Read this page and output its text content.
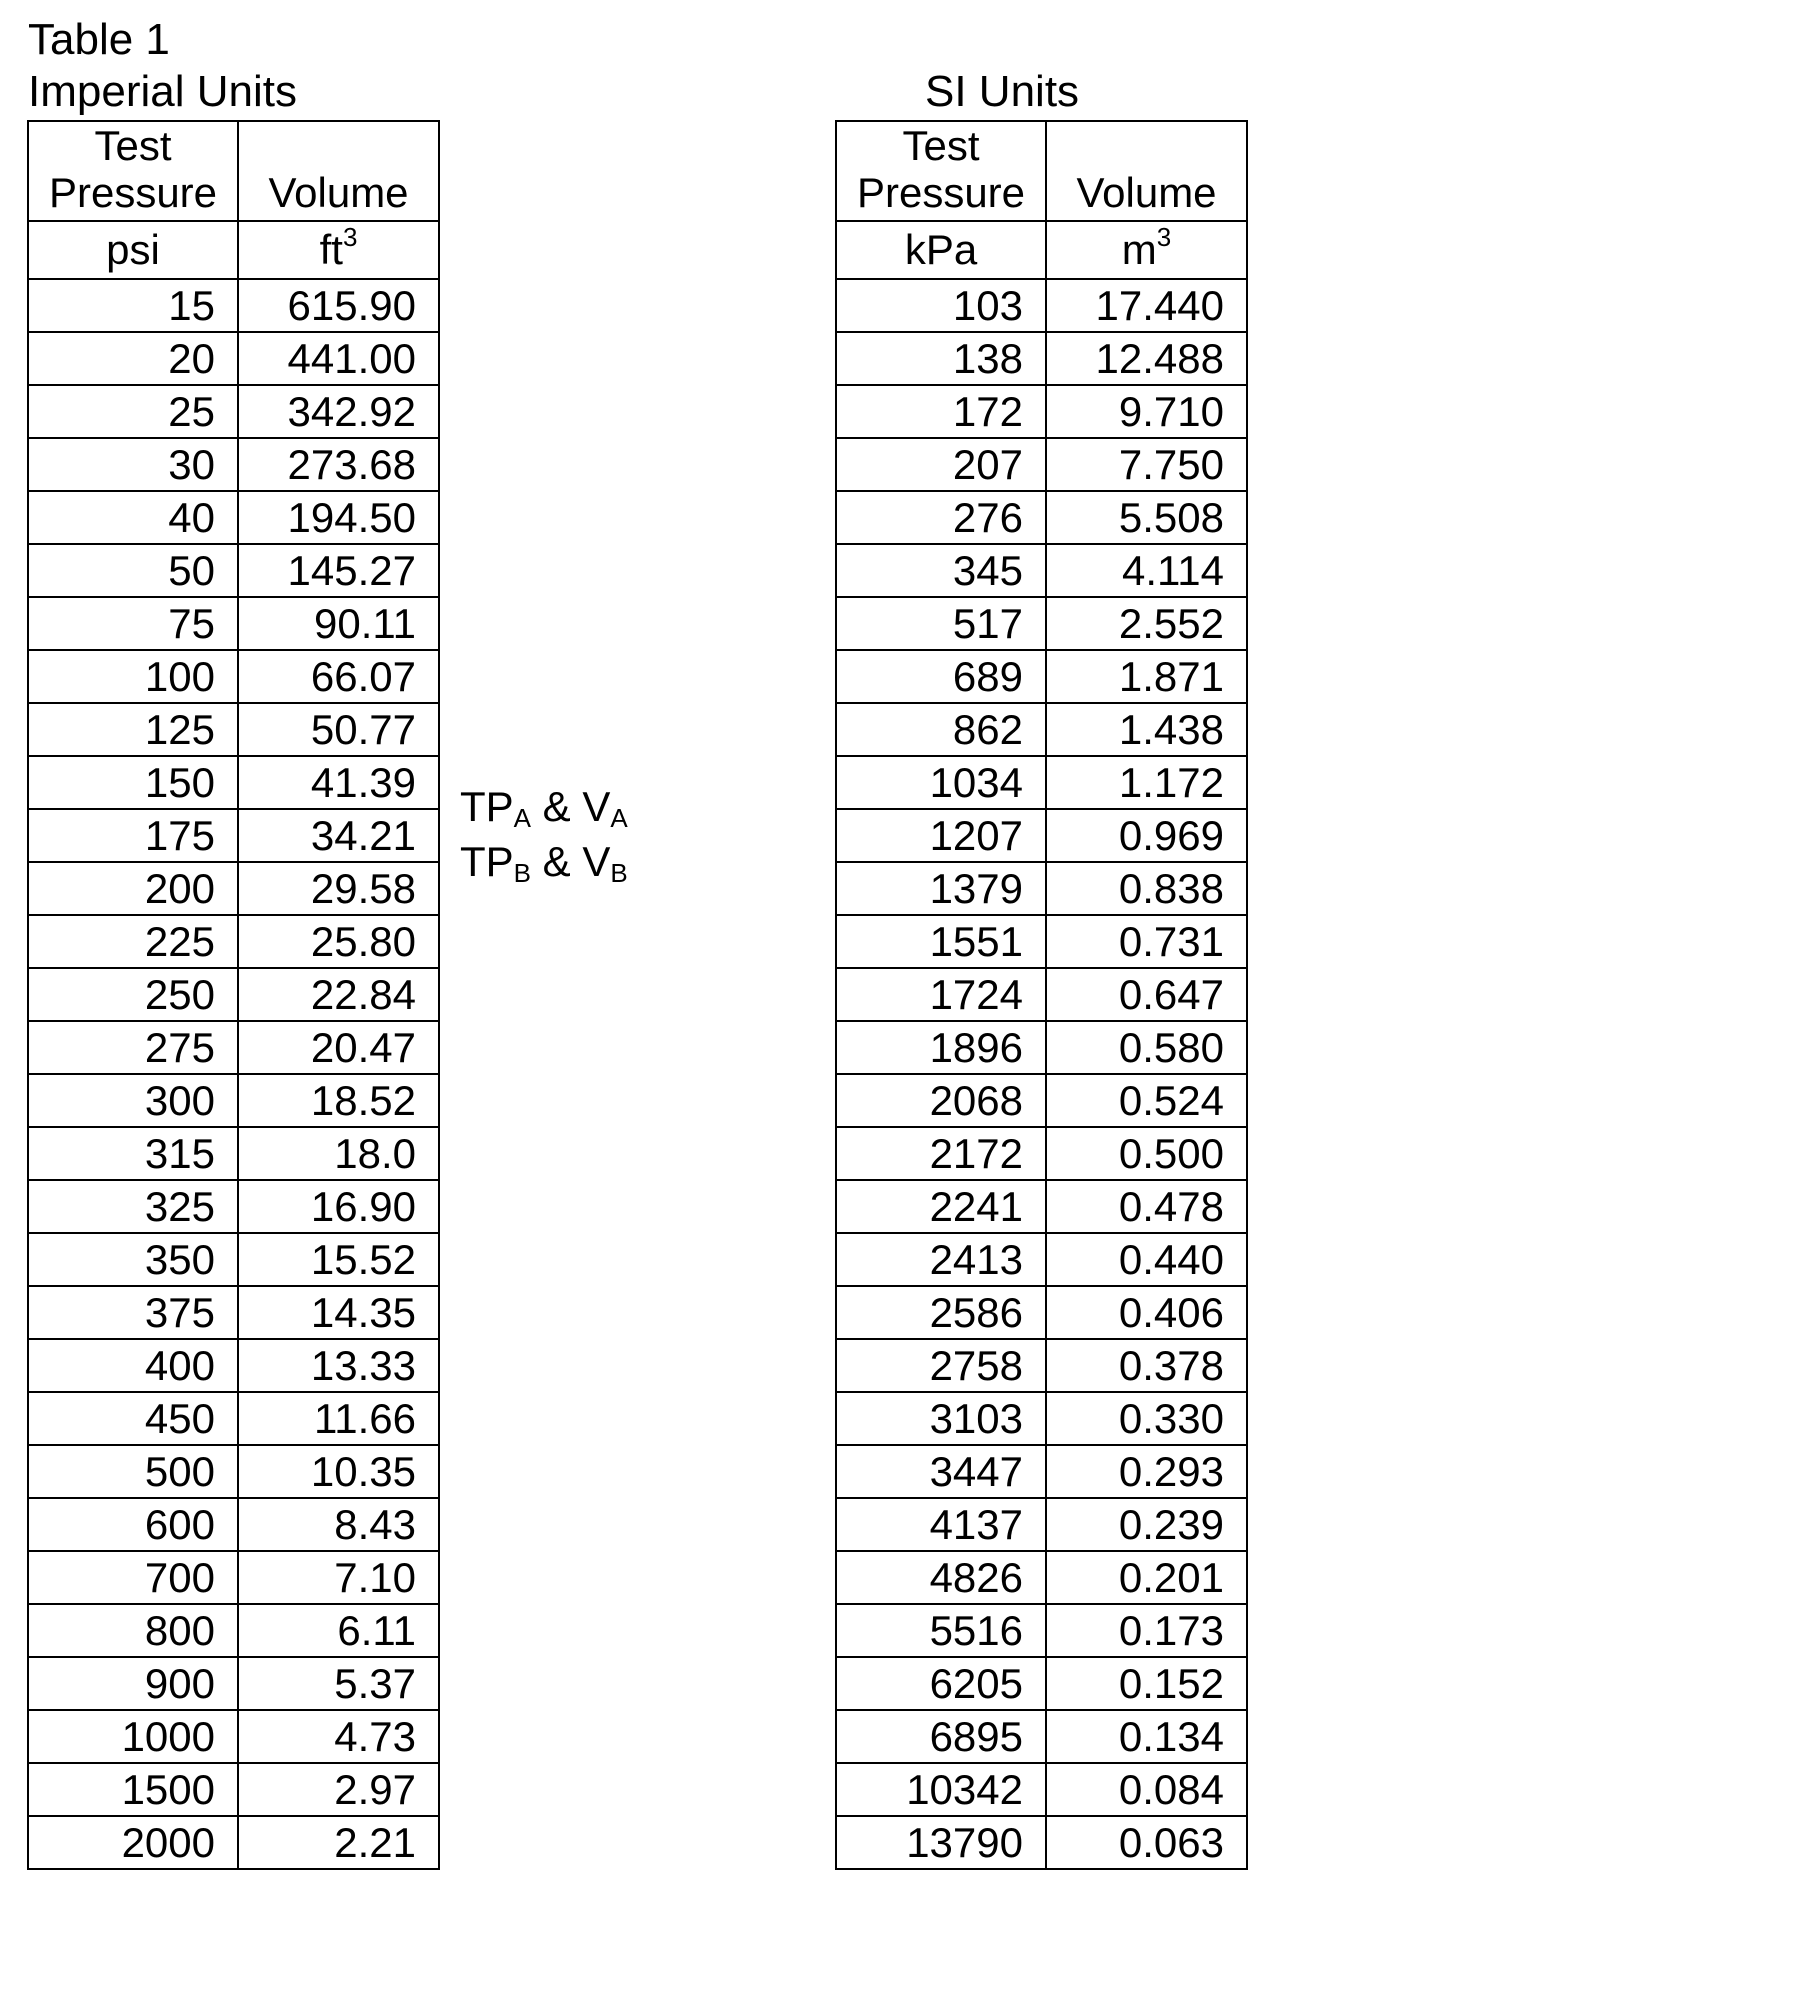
Table 1
Imperial Units	SI Units
Test Pressure	Volume
psi	$ft^3$
15	615.90
20	441.00
25	342.92
30	273.68
40	194.50
50	145.27
75	90.11
100	66.07
125	50.77
150	41.39
175	34.21
200	29.58
225	25.80
250	22.84
275	20.47
300	18.52
315	18.0
325	16.90
350	15.52
375	14.35
400	13.33
450	11.66
500	10.35
600	8.43
700	7.10
800	6.11
900	5.37
1000	4.73
1500	2.97
2000	2.21
Test Pressure	Volume
kPa	$m^3$
103	17.440
138	12.488
172	9.710
207	7.750
276	5.508
345	4.114
517	2.552
689	1.871
862	1.438
1034	1.172
1207	0.969
1379	0.838
1551	0.731
1724	0.647
1896	0.580
2068	0.524
2172	0.500
2241	0.478
2413	0.440
2586	0.406
2758	0.378
3103	0.330
3447	0.293
4137	0.239
4826	0.201
5516	0.173
6205	0.152
6895	0.134
10342	0.084
13790	0.063
$TP_A$ & $V_A$
$TP_B$ & $V_B$
